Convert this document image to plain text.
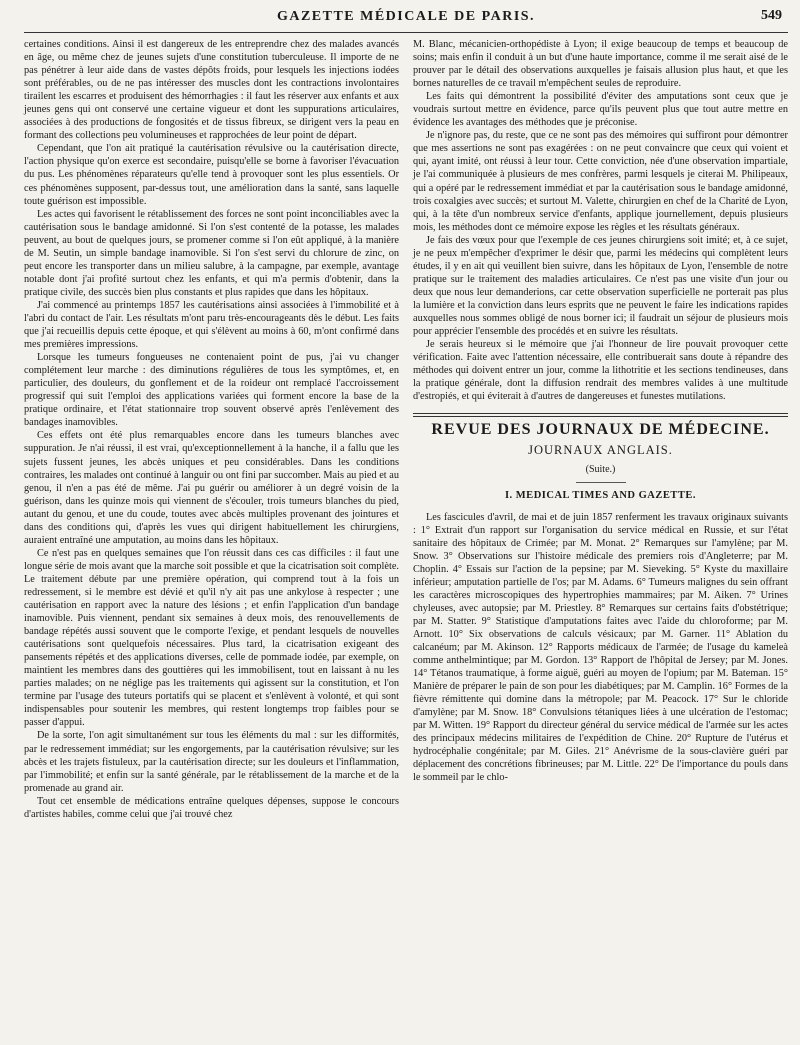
GAZETTE MÉDICALE DE PARIS.	549

certaines conditions. Ainsi il est dangereux de les entreprendre chez des malades avancés en âge, ou même chez de jeunes sujets d'une constitution tuberculeuse. Il importe de ne pas pénétrer à leur aide dans de vastes dépôts froids, pour lesquels les injections iodées sont préférables, ou de ne pas intéresser des muscles dont les contractions involontaires tirailent les escarres et produisent des hémorrhagies : il faut les réserver aux enfants et aux jeunes gens qui ont conservé une certaine vigueur et dont les suppurations articulaires, associées à des productions de fongosités et de tissus fibreux, se dirigent vers la peau en formant des collections peu volumineuses et rapprochées de leur point de départ.

Cependant, que l'on ait pratiqué la cautérisation révulsive ou la cautérisation directe, l'action physique qu'on exerce est secondaire, puisqu'elle se borne à favoriser l'évacuation du pus. Les phénomènes réparateurs qu'elle tend à provoquer sont les plus essentiels. Or ces phénomènes supposent, par-dessus tout, une amélioration dans la santé, sans laquelle toute guérison est impossible.

Les actes qui favorisent le rétablissement des forces ne sont point inconciliables avec la cautérisation sous le bandage amidonné. Si l'on s'est contenté de la potasse, les malades peuvent, au bout de quelques jours, se promener comme si l'on eût appliqué, à la manière de M. Seutin, un simple bandage inamovible. Si l'on s'est servi du chlorure de zinc, on peut encore les transporter dans un milieu salubre, à la campagne, par exemple, avantage notable dont j'ai profité surtout chez les enfants, et qui m'a permis d'obtenir, dans la pratique civile, des succès bien plus constants et plus rapides que dans les hôpitaux.

J'ai commencé au printemps 1857 les cautérisations ainsi associées à l'immobilité et à l'abri du contact de l'air. Les résultats m'ont paru très-encourageants dès le début. Les faits que j'ai recueillis depuis cette époque, et qui s'élèvent au moins à 60, m'ont confirmé dans mes premières impressions.

Lorsque les tumeurs fongueuses ne contenaient point de pus, j'ai vu changer complétement leur marche : des diminutions régulières de tous les symptômes, et, en particulier, des douleurs, du gonflement et de la roideur ont remplacé l'accroissement progressif qui suit l'emploi des applications variées qui forment encore la base de la pratique ordinaire, et l'état stationnaire trop souvent observé après l'enlèvement des bandages inamovibles.

Ces effets ont été plus remarquables encore dans les tumeurs blanches avec suppuration. Je n'ai réussi, il est vrai, qu'exceptionnellement à la hanche, il a fallu que les sujets fussent jeunes, les abcès uniques et peu considérables. Dans les conditions contraires, les malades ont continué à languir ou ont fini par succomber. Mais au pied et au genou, il n'en a pas été de même. J'ai pu guérir ou améliorer à un degré voisin de la guérison, dans les quinze mois qui viennent de s'écouler, trois tumeurs blanches du pied, autant du genou, et une du coude, toutes avec abcès multiples provenant des jointures et dans des conditions qui, d'après les vues qui dirigent habituellement les chirurgiens, auraient entraîné une amputation, au moins dans les hôpitaux.

Ce n'est pas en quelques semaines que l'on réussit dans ces cas difficiles : il faut une longue série de mois avant que la marche soit possible et que la cicatrisation soit complète. Le traitement débute par une première opération, qui comprend tout à la fois un redressement, si le membre est dévié et qu'il n'y ait pas une ankylose à respecter ; une cautérisation en rapport avec la nature des lésions ; et enfin l'application d'un bandage inamovible. Puis viennent, pendant six semaines à deux mois, des renouvellements de bandage répétés aussi souvent que le comporte l'exige, et pendant lesquels de nouvelles cautérisations sont quelquefois nécessaires. Plus tard, la cicatrisation exigeant des pansements répétés et des applications diverses, celle de pommade iodée, par exemple, on maintient les membres dans des gouttières qui les immobilisent, tout en laissant à nu les parties malades; on ne néglige pas les traitements qui agissent sur la constitution, et l'on termine par l'usage des tuteurs portatifs qui se placent et s'enlèvent à volonté, et qui sont indispensables pour soutenir les membres, qui restent longtemps trop faibles pour se passer d'appui.

De la sorte, l'on agit simultanément sur tous les éléments du mal : sur les difformités, par le redressement immédiat; sur les engorgements, par la cautérisation révulsive; sur les abcès et les trajets fistuleux, par la cautérisation directe; sur les douleurs et l'inflammation, par l'immobilité; et enfin sur la santé générale, par le rétablissement de la marche et de la promenade au grand air.

Tout cet ensemble de médications entraîne quelques dépenses, suppose le concours d'artistes habiles, comme celui que j'ai trouvé chez

M. Blanc, mécanicien-orthopédiste à Lyon; il exige beaucoup de temps et beaucoup de soins; mais enfin il conduit à un but d'une haute importance, comme il me serait aisé de le prouver par le détail des observations auxquelles je faisais allusion plus haut, et que les bornes naturelles de ce travail m'empêchent seules de reproduire.

Les faits qui démontrent la possibilité d'éviter des amputations sont ceux que je voudrais surtout mettre en évidence, parce qu'ils peuvent plus que tout autre mettre en évidence les avantages des méthodes que je préconise.

Je n'ignore pas, du reste, que ce ne sont pas des mémoires qui suffiront pour démontrer que mes assertions ne sont pas exagérées : on ne peut convaincre que ceux qui voient et qui, ayant imité, ont réussi à leur tour. Cette conviction, née d'une observation impartiale, je l'ai communiquée à plusieurs de mes confrères, parmi lesquels je citerai M. Philipeaux, qui a opéré par le redressement immédiat et par la cautérisation sous le bandage amidonné, trois coxalgies avec succès; et surtout M. Valette, chirurgien en chef de la Charité de Lyon, qui, à la tête d'un nombreux service d'enfants, applique journellement, depuis plusieurs mois, les méthodes dont ce mémoire expose les règles et les résultats généraux.

Je fais des vœux pour que l'exemple de ces jeunes chirurgiens soit imité; et, à ce sujet, je ne peux m'empêcher d'exprimer le désir que, parmi les médecins qui complètent leurs études, il y en ait qui veuillent bien suivre, dans les hôpitaux de Lyon, l'ensemble de notre pratique sur le traitement des maladies articulaires. Ce n'est pas une visite d'un jour ou deux que nous leur demanderions, car cette observation superficielle ne porterait pas plus la lumière et la conviction dans leurs esprits que ne peuvent le faire les indications rapides auxquelles nous sommes obligé de nous borner ici; il faudrait un séjour de plusieurs mois pour apprécier l'ensemble des procédés et en suivre les résultats.

Je serais heureux si le mémoire que j'ai l'honneur de lire pouvait provoquer cette vérification. Faite avec l'attention nécessaire, elle contribuerait sans doute à répandre des méthodes qui doivent entrer un jour, comme la lithotritie et les sections tendineuses, dans la pratique générale, dont la diffusion rendrait des membres valides à une multitude d'estropiés, et qui éviterait à d'autres de dangereuses et funestes mutilations.

REVUE DES JOURNAUX DE MÉDECINE.
JOURNAUX ANGLAIS.
(Suite.)
I. MEDICAL TIMES AND GAZETTE.

Les fascicules d'avril, de mai et de juin 1857 renferment les travaux originaux suivants : 1° Extrait d'un rapport sur l'organisation du service médical en Russie, et sur l'état sanitaire des hôpitaux de Crimée; par M. Monat. 2° Remarques sur l'amylène; par M. Snow. 3° Observations sur l'histoire médicale des premiers rois d'Angleterre; par M. Choplin. 4° Essais sur l'action de la pepsine; par M. Sieveking. 5° Kyste du maxillaire inférieur; amputation partielle de l'os; par M. Adams. 6° Tumeurs malignes du sein offrant les caractères microscopiques des hypertrophies mammaires; par M. Aiken. 7° Urines chyleuses, avec autopsie; par M. Priestley. 8° Remarques sur certains faits d'obstétrique; par M. Statter. 9° Statistique d'amputations faites avec l'aide du chloroforme; par M. Arnott. 10° Six observations de calculs vésicaux; par M. Garner. 11° Ablation du calcanéum; par M. Akinson. 12° Rapports médicaux de l'armée; de l'usage du kameleà comme anthelmintique; par M. Gordon. 13° Rapport de l'hôpital de Jersey; par M. Jones. 14° Tétanos traumatique, à forme aiguë, guéri au moyen de l'opium; par M. Bateman. 15° Manière de préparer le pain de son pour les diabétiques; par M. Camplin. 16° Formes de la fièvre rémittente qui domine dans la métropole; par M. Peacock. 17° Sur le chloride d'amylène; par M. Snow. 18° Convulsions tétaniques liées à une ulcération de l'estomac; par M. Witten. 19° Rapport du directeur général du service médical de l'armée sur les actes des principaux médecins militaires de l'expédition de Chine. 20° Rupture de l'utérus et hydrocéphalie congénitale; par M. Giles. 21° Anévrisme de la sous-clavière guéri par déplacement des concrétions fibrineuses; par M. Little. 22° De l'importance du pouls dans le sommeil par le chlo-
